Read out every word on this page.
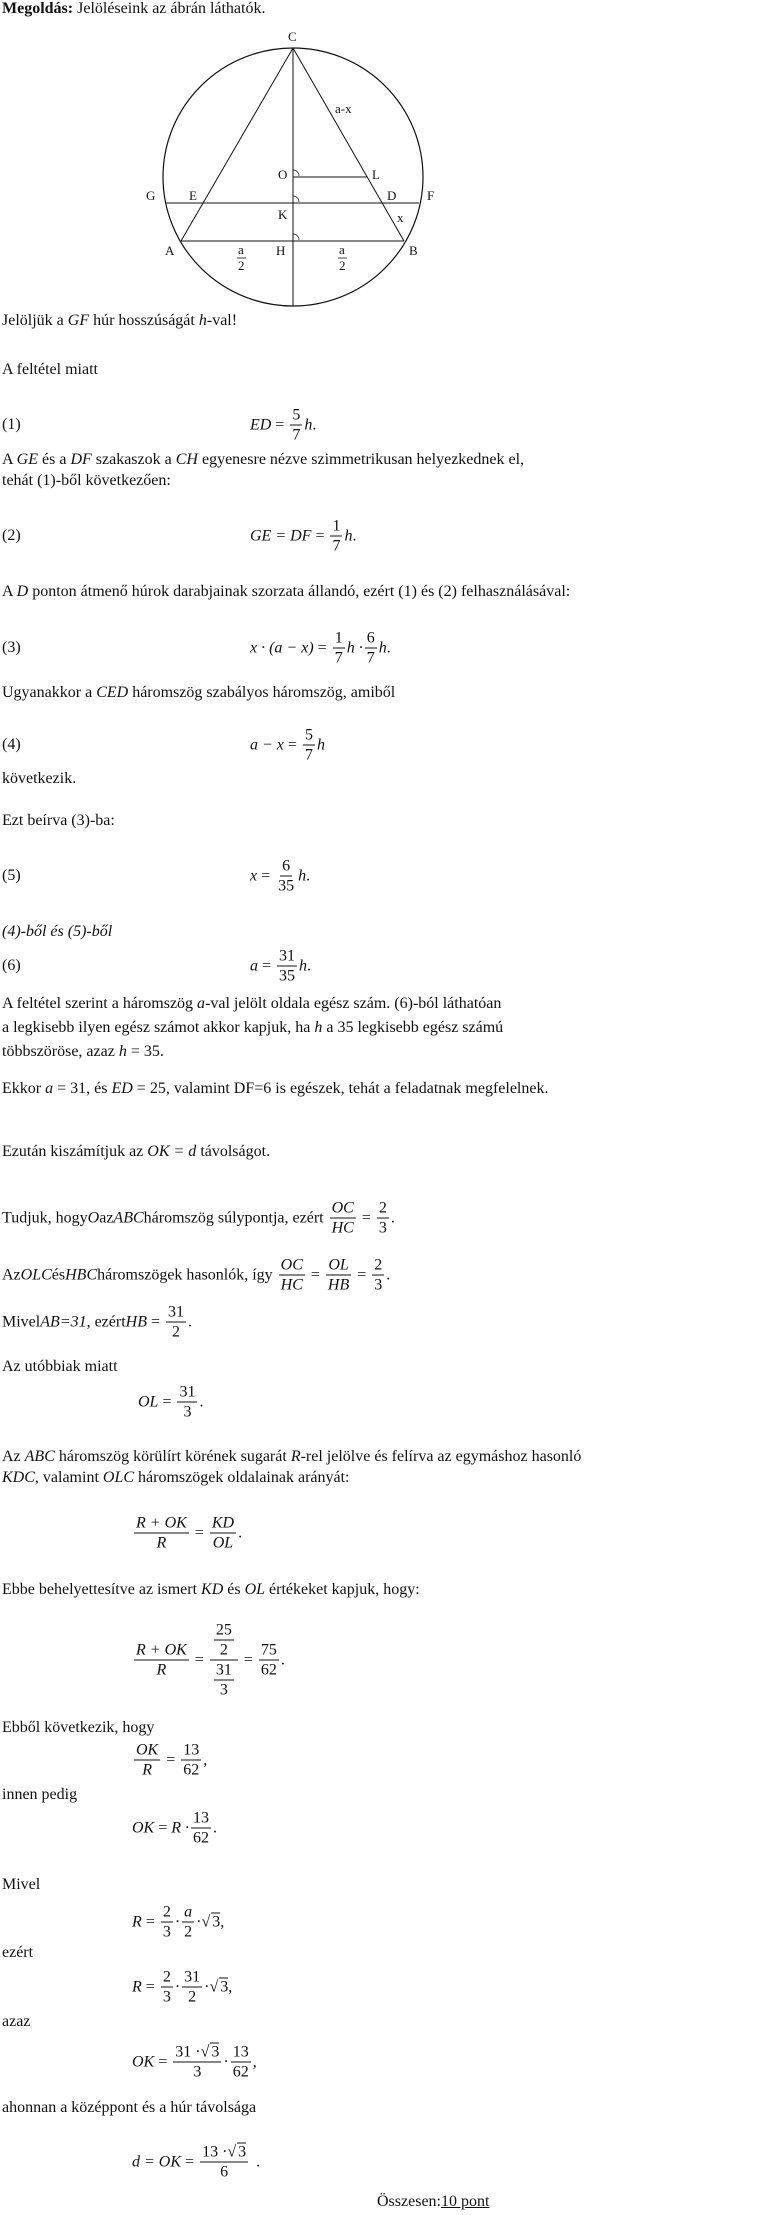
Megoldás: Jelöléseink az ábrán láthatók.
C
a-x
O	L
G	E	D F
K	x
A	H	B
a
2
a
2
Jelöljük a GF húr hosszúságát h-val!
A feltétel miatt
(1)	ED = $\frac{5}{7}$ h .
A GE és a DF szakaszok a CH egyenesre nézve szimmetrikusan helyezkednek el,
tehát (1)-ből következően:
(2)	GE = DF = $\frac{1}{7}$ h .
A D ponton átmenő húrok darabjainak szorzata állandó, ezért (1) és (2) felhasználásával:
(3)	$x \cdot (a - x) = \frac{1}{7}$ $h \cdot \frac{6}{7}$ h .
Ugyanakkor a CED háromszög szabályos háromszög, amiből
(4)	$a - x = \frac{5}{7}$ h
következik.
Ezt beírva (3)-ba:
(5)	$x = \frac{6}{35}$ h .
(4)-ből és (5)-ből
(6)	$a = \frac{31}{35}$ h .
A feltétel szerint a háromszög a-val jelölt oldala egész szám. (6)-ból láthatóan
a legkisebb ilyen egész számot akkor kapjuk, ha h a 35 legkisebb egész számú
többszöröse, azaz h = 35.
Ekkor a = 31, és ED = 25, valamint DF=6 is egészek, tehát a feladatnak megfelelnek.
Ezután kiszámítjuk az OK = d távolságot.
Tudjuk, hogy O az ABC háromszög súlypontja, ezért $\frac{OC}{HC} = \frac{2}{3}$ .
Az OLC és HBC háromszögek hasonlók, így $\frac{OC}{HC} = \frac{OL}{HB} = \frac{2}{3}$ .
Mivel AB=31 , ezért HB = $\frac{31}{2}$ .
Az utóbbiak miatt
OL = $\frac{31}{3}$ .
Az ABC háromszög körülírt körének sugarát R-rel jelölve és felírva az egymáshoz hasonló
KDC, valamint OLC háromszögek oldalainak arányát:
$\frac{R + OK}{R} = \frac{KD}{OL}$ .
Ebbe behelyettesítve az ismert KD és OL értékeket kapjuk, hogy:
$\frac{R + OK}{R} = \frac{\frac{25}{2}}{\frac{31}{3}} = \frac{75}{62}$ .
Ebből következik, hogy
$\frac{OK}{R} = \frac{13}{62}$ ,
innen pedig
OK = $R \cdot \frac{13}{62}$ .
Mivel
$R = \frac{2}{3} \cdot \frac{a}{2}$ · √ 3 ,
ezért
$R = \frac{2}{3} \cdot \frac{31}{2}$ · √ 3 ,
azaz
OK = $\frac{31 \cdot√ 3}{3} \cdot \frac{13}{62}$ ,
ahonnan a középpont és a húr távolsága
d = OK = $\frac{13 \cdot√ 3}{6}$ .
Összesen: 10 pont
